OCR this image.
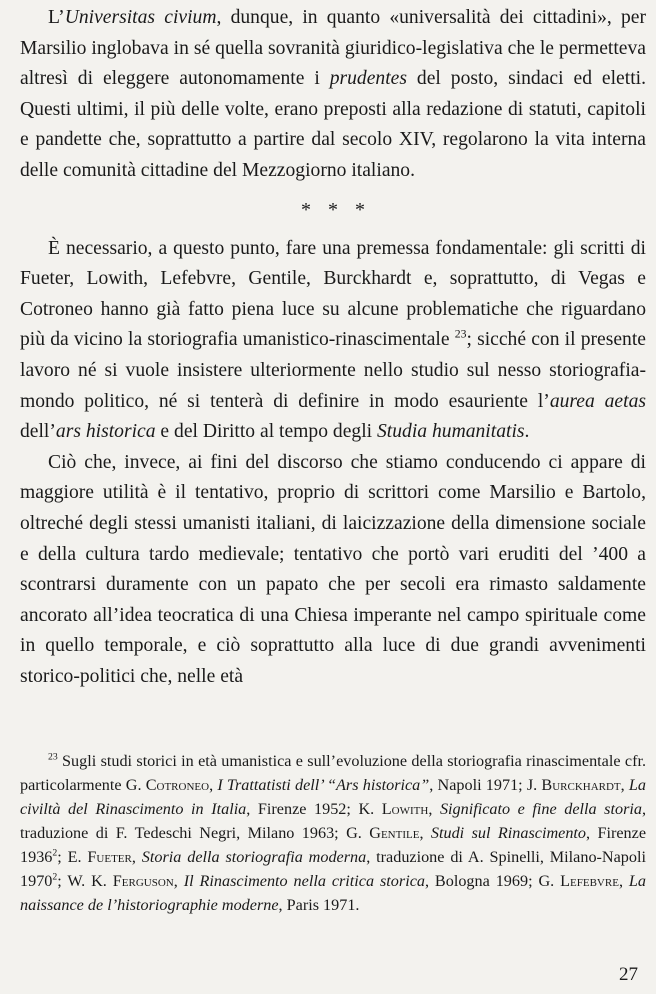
L’Universitas civium, dunque, in quanto «universalità dei cittadini», per Marsilio inglobava in sé quella sovranità giuridico-legislativa che le permetteva altresì di eleggere autonomamente i prudentes del posto, sindaci ed eletti. Questi ultimi, il più delle volte, erano preposti alla redazione di statuti, capitoli e pandette che, soprattutto a partire dal secolo XIV, regolarono la vita interna delle comunità cittadine del Mezzogiorno italiano.

* * *

È necessario, a questo punto, fare una premessa fondamentale: gli scritti di Fueter, Lowith, Lefebvre, Gentile, Burckhardt e, soprattutto, di Vegas e Cotroneo hanno già fatto piena luce su alcune problematiche che riguardano più da vicino la storiografia umanistico-rinascimentale $^{23}$; sicché con il presente lavoro né si vuole insistere ulteriormente nello studio sul nesso storiografia-mondo politico, né si tenterà di definire in modo esauriente l’aurea aetas dell’ars historica e del Diritto al tempo degli Studia humanitatis.

Ciò che, invece, ai fini del discorso che stiamo conducendo ci appare di maggiore utilità è il tentativo, proprio di scrittori come Marsilio e Bartolo, oltreché degli stessi umanisti italiani, di laicizzazione della dimensione sociale e della cultura tardo medievale; tentativo che portò vari eruditi del ’400 a scontrarsi duramente con un papato che per secoli era rimasto saldamente ancorato all’idea teocratica di una Chiesa imperante nel campo spirituale come in quello temporale, e ciò soprattutto alla luce di due grandi avvenimenti storico-politici che, nelle età

$^{23}$ Sugli studi storici in età umanistica e sull’evoluzione della storiografia rinascimentale cfr. particolarmente G. Cotroneo, I Trattatisti dell’ “Ars historica”, Napoli 1971; J. Burckhardt, La civiltà del Rinascimento in Italia, Firenze 1952; K. Lowith, Significato e fine della storia, traduzione di F. Tedeschi Negri, Milano 1963; G. Gentile, Studi sul Rinascimento, Firenze 1936$^2$; E. Fueter, Storia della storiografia moderna, traduzione di A. Spinelli, Milano-Napoli 1970$^2$; W. K. Ferguson, Il Rinascimento nella critica storica, Bologna 1969; G. Lefebvre, La naissance de l’historiographie moderne, Paris 1971.

27
